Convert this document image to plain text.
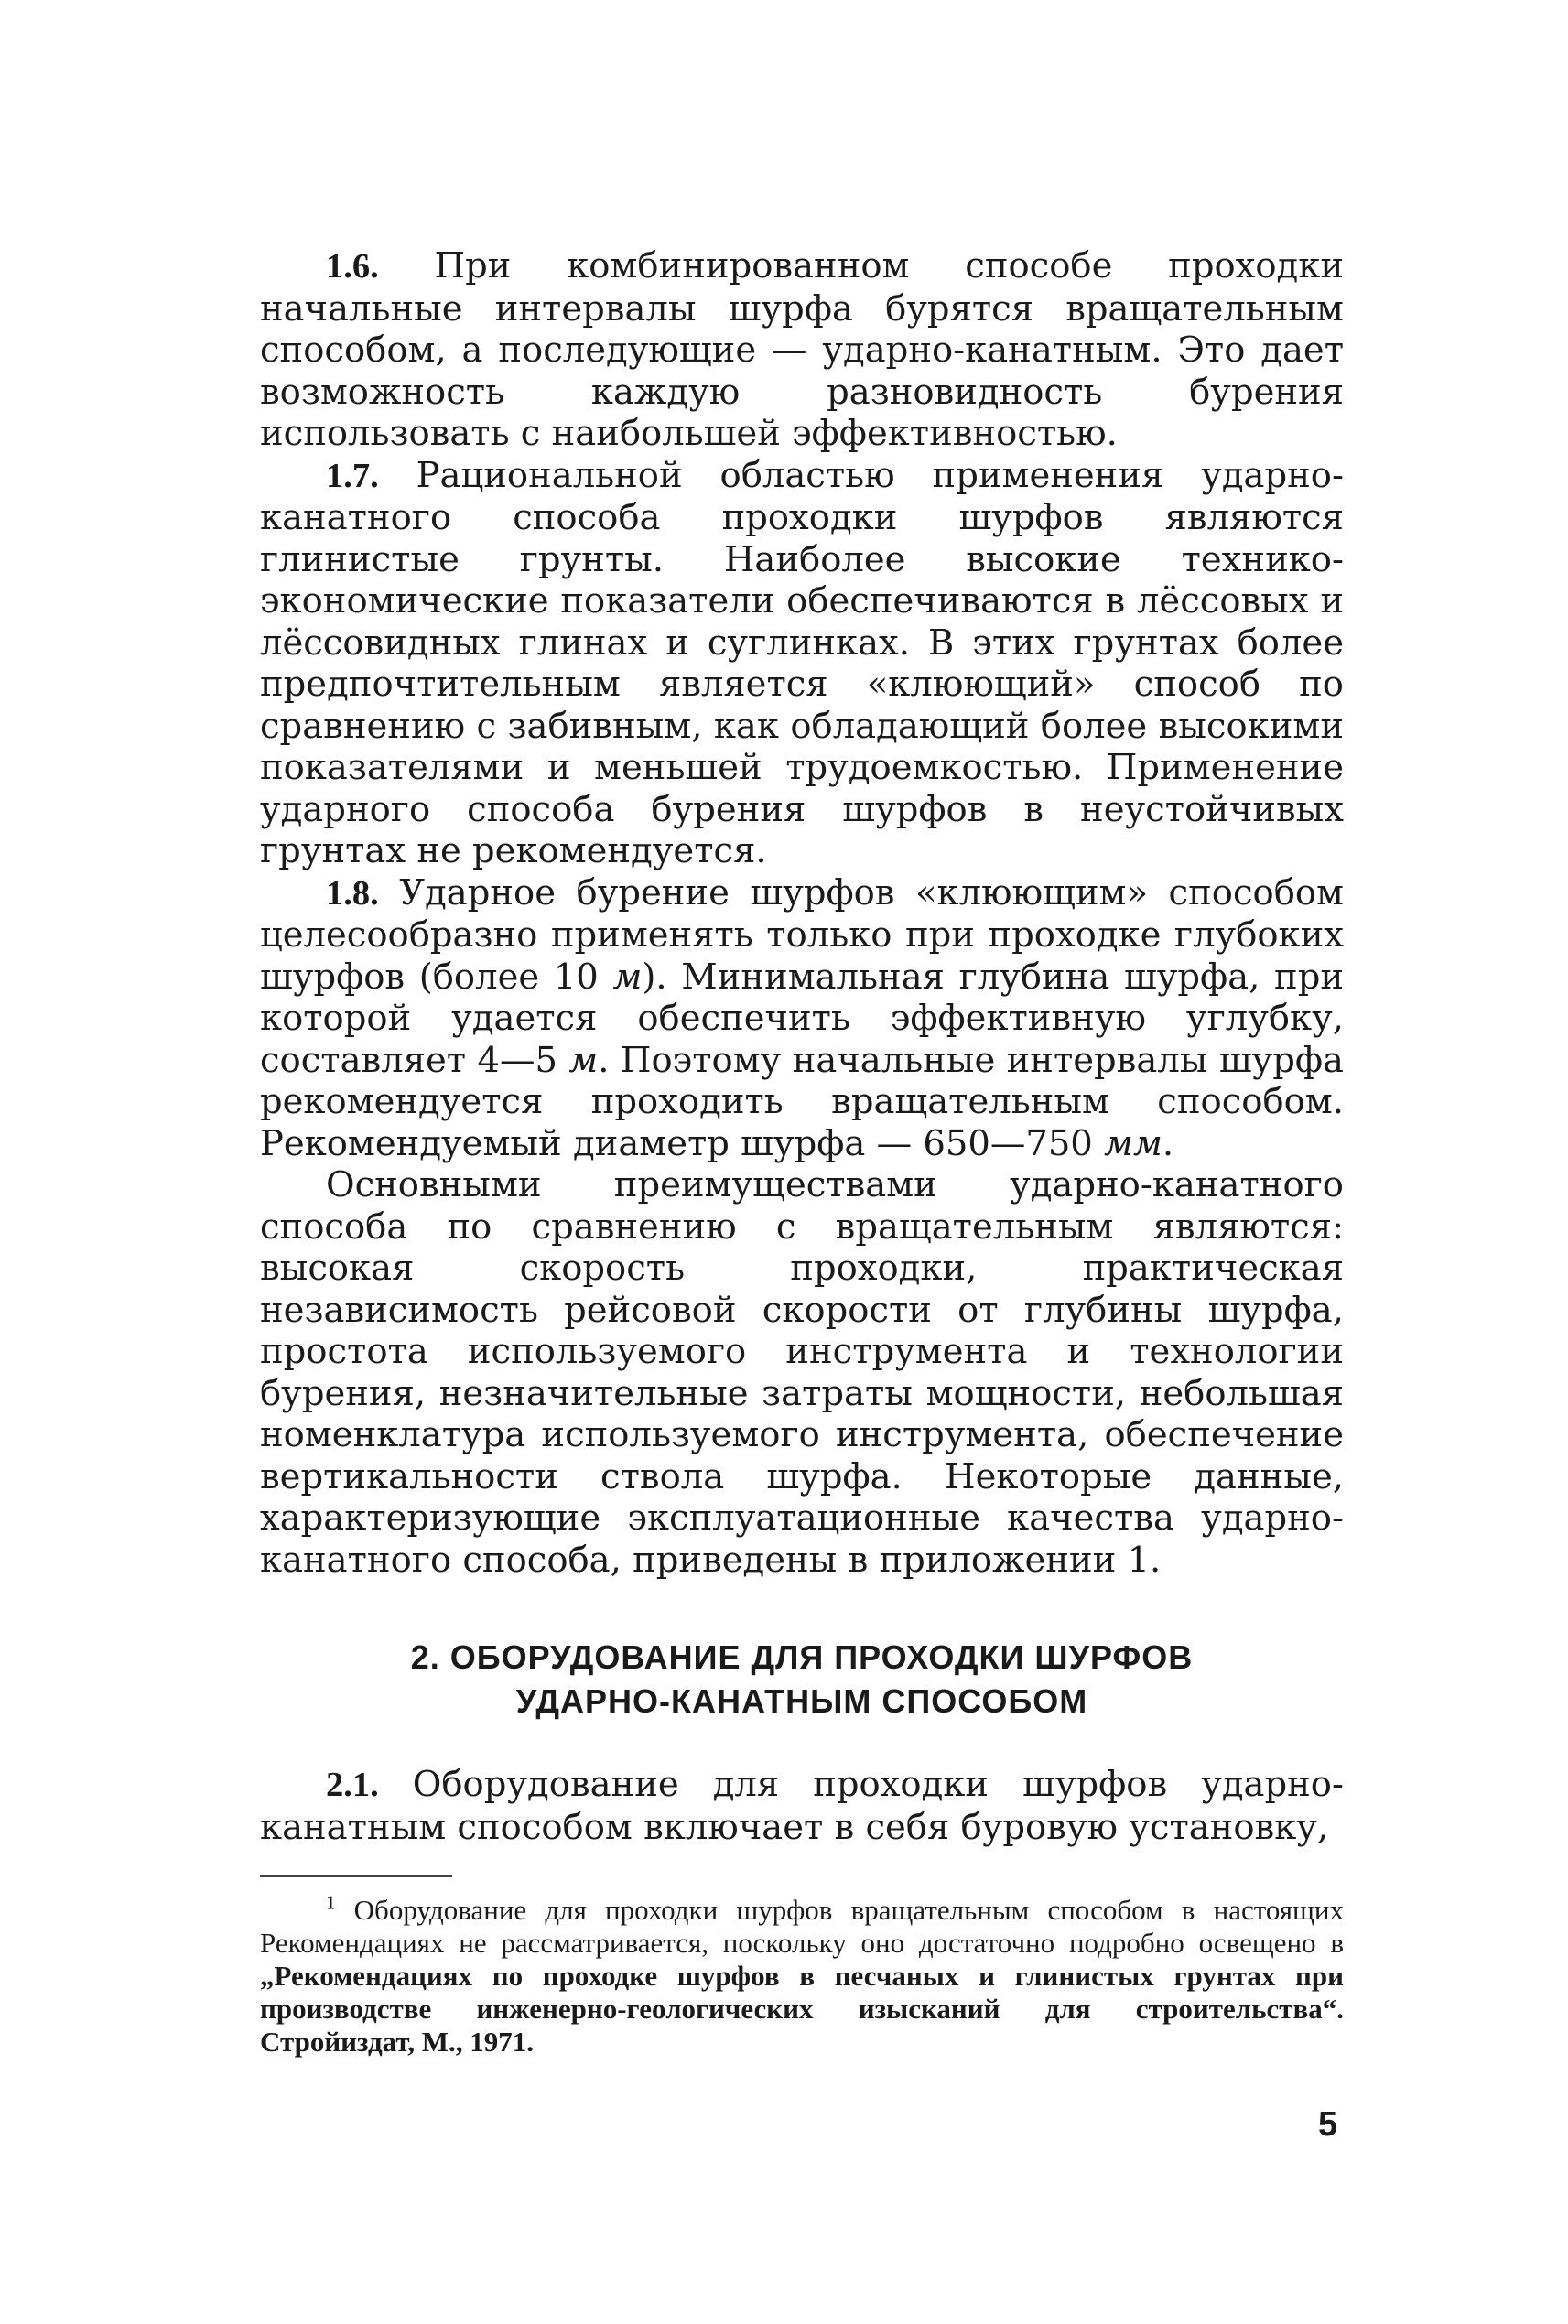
1.6. При комбинированном способе проходки начальные интервалы шурфа бурятся вращательным способом, а последующие — ударно-канатным. Это дает возможность каждую разновидность бурения использовать с наибольшей эффективностью.

1.7. Рациональной областью применения ударно-канатного способа проходки шурфов являются глинистые грунты. Наиболее высокие технико-экономические показатели обеспечиваются в лёссовых и лёссовидных глинах и суглинках. В этих грунтах более предпочтительным является «клюющий» способ по сравнению с забивным, как обладающий более высокими показателями и меньшей трудоемкостью. Применение ударного способа бурения шурфов в неустойчивых грунтах не рекомендуется.

1.8. Ударное бурение шурфов «клюющим» способом целесообразно применять только при проходке глубоких шурфов (более 10 м). Минимальная глубина шурфа, при которой удается обеспечить эффективную углубку, составляет 4—5 м. Поэтому начальные интервалы шурфа рекомендуется проходить вращательным способом. Рекомендуемый диаметр шурфа — 650—750 мм.

Основными преимуществами ударно-канатного способа по сравнению с вращательным являются: высокая скорость проходки, практическая независимость рейсовой скорости от глубины шурфа, простота используемого инструмента и технологии бурения, незначительные затраты мощности, небольшая номенклатура используемого инструмента, обеспечение вертикальности ствола шурфа. Некоторые данные, характеризующие эксплуатационные качества ударно-канатного способа, приведены в приложении 1.

2. ОБОРУДОВАНИЕ ДЛЯ ПРОХОДКИ ШУРФОВ
УДАРНО-КАНАТНЫМ СПОСОБОМ

2.1. Оборудование для проходки шурфов ударно-канатным способом включает в себя буровую установку,

$^1$ Оборудование для проходки шурфов вращательным способом в настоящих Рекомендациях не рассматривается, поскольку оно достаточно подробно освещено в „Рекомендациях по проходке шурфов в песчаных и глинистых грунтах при производстве инженерно-геологических изысканий для строительства“. Стройиздат, М., 1971.

5
